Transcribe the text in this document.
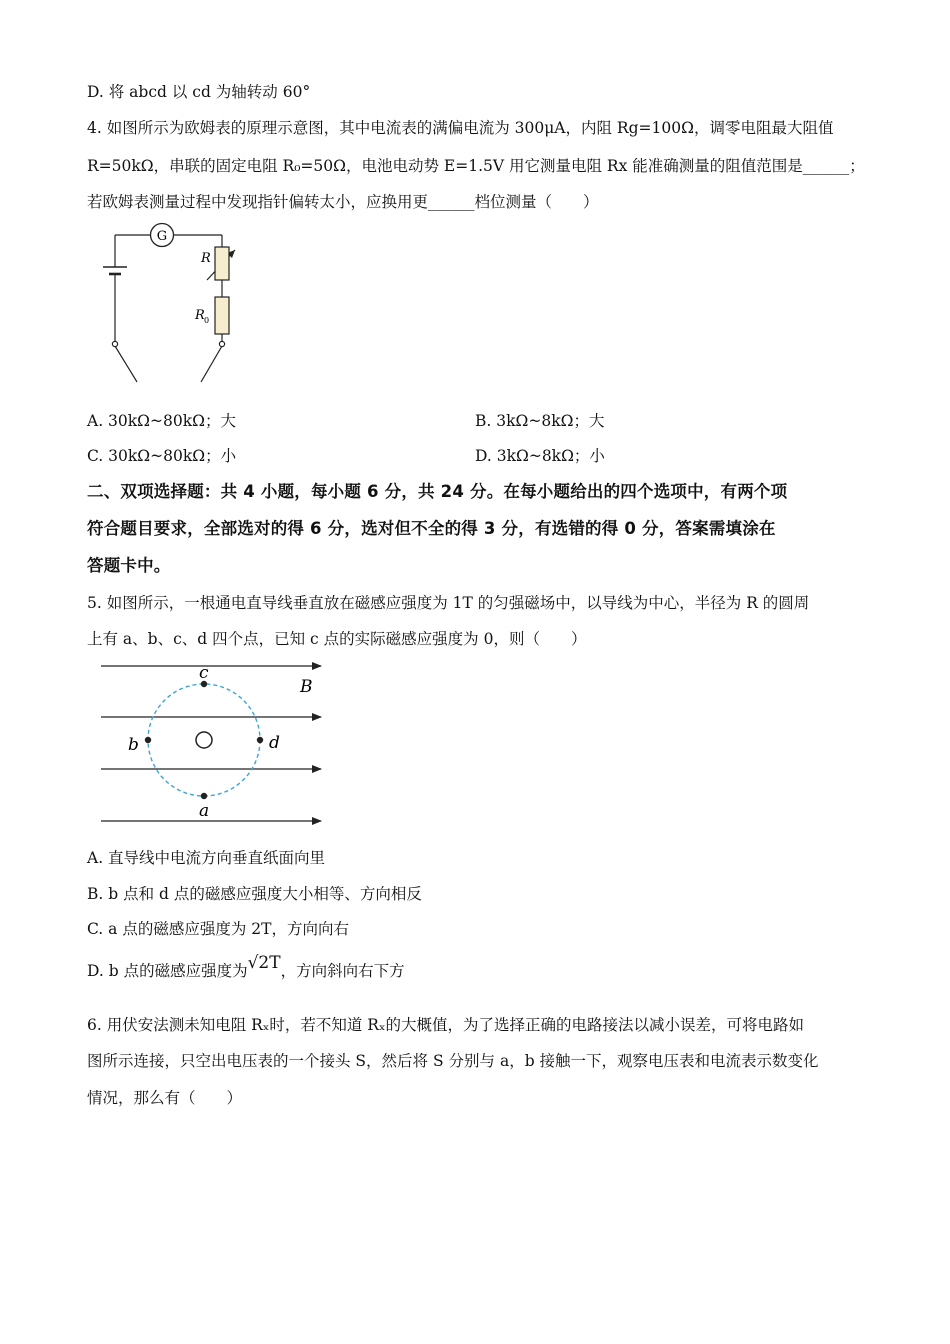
D. 将 abcd 以 cd 为轴转动 60°
4. 如图所示为欧姆表的原理示意图，其中电流表的满偏电流为 300μA，内阻 Rg=100Ω，调零电阻最大阻值
R=50kΩ，串联的固定电阻 R₀=50Ω，电池电动势 E=1.5V 用它测量电阻 Rx 能准确测量的阻值范围是______；
若欧姆表测量过程中发现指针偏转太小，应换用更______档位测量（　　）
G
R
R 0
A. 30kΩ~80kΩ；大	B. 3kΩ~8kΩ；大
C. 30kΩ~80kΩ；小	D. 3kΩ~8kΩ；小
二、双项选择题：共 4 小题，每小题 6 分，共 24 分。在每小题给出的四个选项中，有两个项
符合题目要求，全部选对的得 6 分，选对但不全的得 3 分，有选错的得 0 分，答案需填涂在
答题卡中。
5. 如图所示，一根通电直导线垂直放在磁感应强度为 1T 的匀强磁场中，以导线为中心，半径为 R 的圆周
上有 a、b、c、d 四个点，已知 c 点的实际磁感应强度为 0，则（　　）
c
b	d
a
B
A. 直导线中电流方向垂直纸面向里
B. b 点和 d 点的磁感应强度大小相等、方向相反
C. a 点的磁感应强度为 2T，方向向右
D. b 点的磁感应强度为√2T，方向斜向右下方
6. 用伏安法测未知电阻 Rₓ时，若不知道 Rₓ的大概值，为了选择正确的电路接法以减小误差，可将电路如
图所示连接，只空出电压表的一个接头 S，然后将 S 分别与 a，b 接触一下，观察电压表和电流表示数变化
情况，那么有（　　）
